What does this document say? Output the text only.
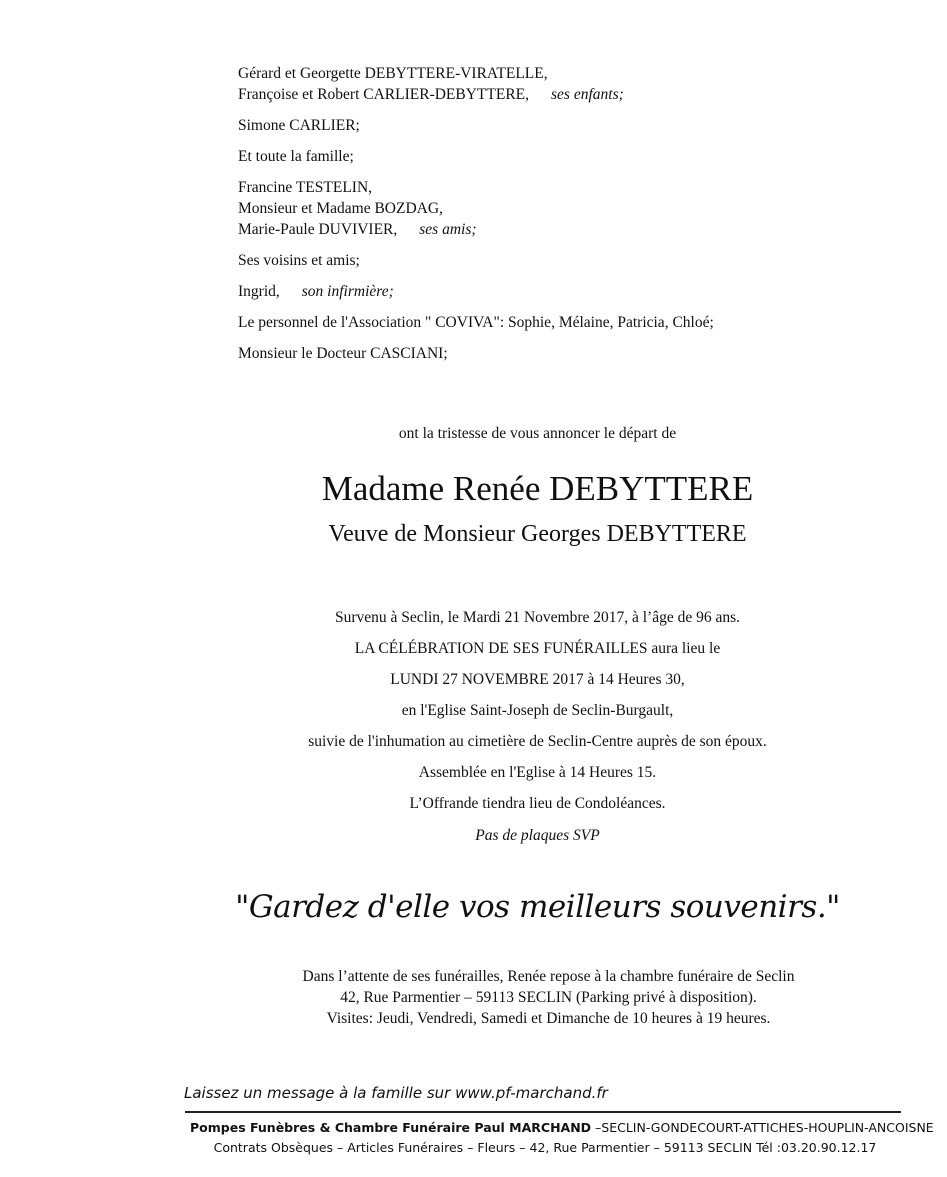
Gérard et Georgette DEBYTTERE-VIRATELLE,
Françoise et Robert CARLIER-DEBYTTERE, ses enfants;
Simone CARLIER;
Et toute la famille;
Francine TESTELIN,
Monsieur et Madame BOZDAG,
Marie-Paule DUVIVIER, ses amis;
Ses voisins et amis;
Ingrid, son infirmière;
Le personnel de l'Association " COVIVA": Sophie, Mélaine, Patricia, Chloé;
Monsieur le Docteur CASCIANI;
ont la tristesse de vous annoncer le départ de
Madame Renée DEBYTTERE
Veuve de Monsieur Georges DEBYTTERE
Survenu à Seclin, le Mardi 21 Novembre 2017, à l’âge de 96 ans.
LA CÉLÉBRATION DE SES FUNÉRAILLES aura lieu le
LUNDI 27 NOVEMBRE 2017 à 14 Heures 30,
en l'Eglise Saint-Joseph de Seclin-Burgault,
suivie de l'inhumation au cimetière de Seclin-Centre auprès de son époux.
Assemblée en l'Eglise à 14 Heures 15.
L’Offrande tiendra lieu de Condoléances.
Pas de plaques SVP
"Gardez d'elle vos meilleurs souvenirs."
Dans l’attente de ses funérailles, Renée repose à la chambre funéraire de Seclin
42, Rue Parmentier – 59113 SECLIN (Parking privé à disposition).
Visites: Jeudi, Vendredi, Samedi et Dimanche de 10 heures à 19 heures.
Laissez un message à la famille sur www.pf-marchand.fr
Pompes Funèbres & Chambre Funéraire Paul MARCHAND –SECLIN-GONDECOURT-ATTICHES-HOUPLIN-ANCOISNE
Contrats Obsèques – Articles Funéraires – Fleurs – 42, Rue Parmentier – 59113 SECLIN Tél :03.20.90.12.17
